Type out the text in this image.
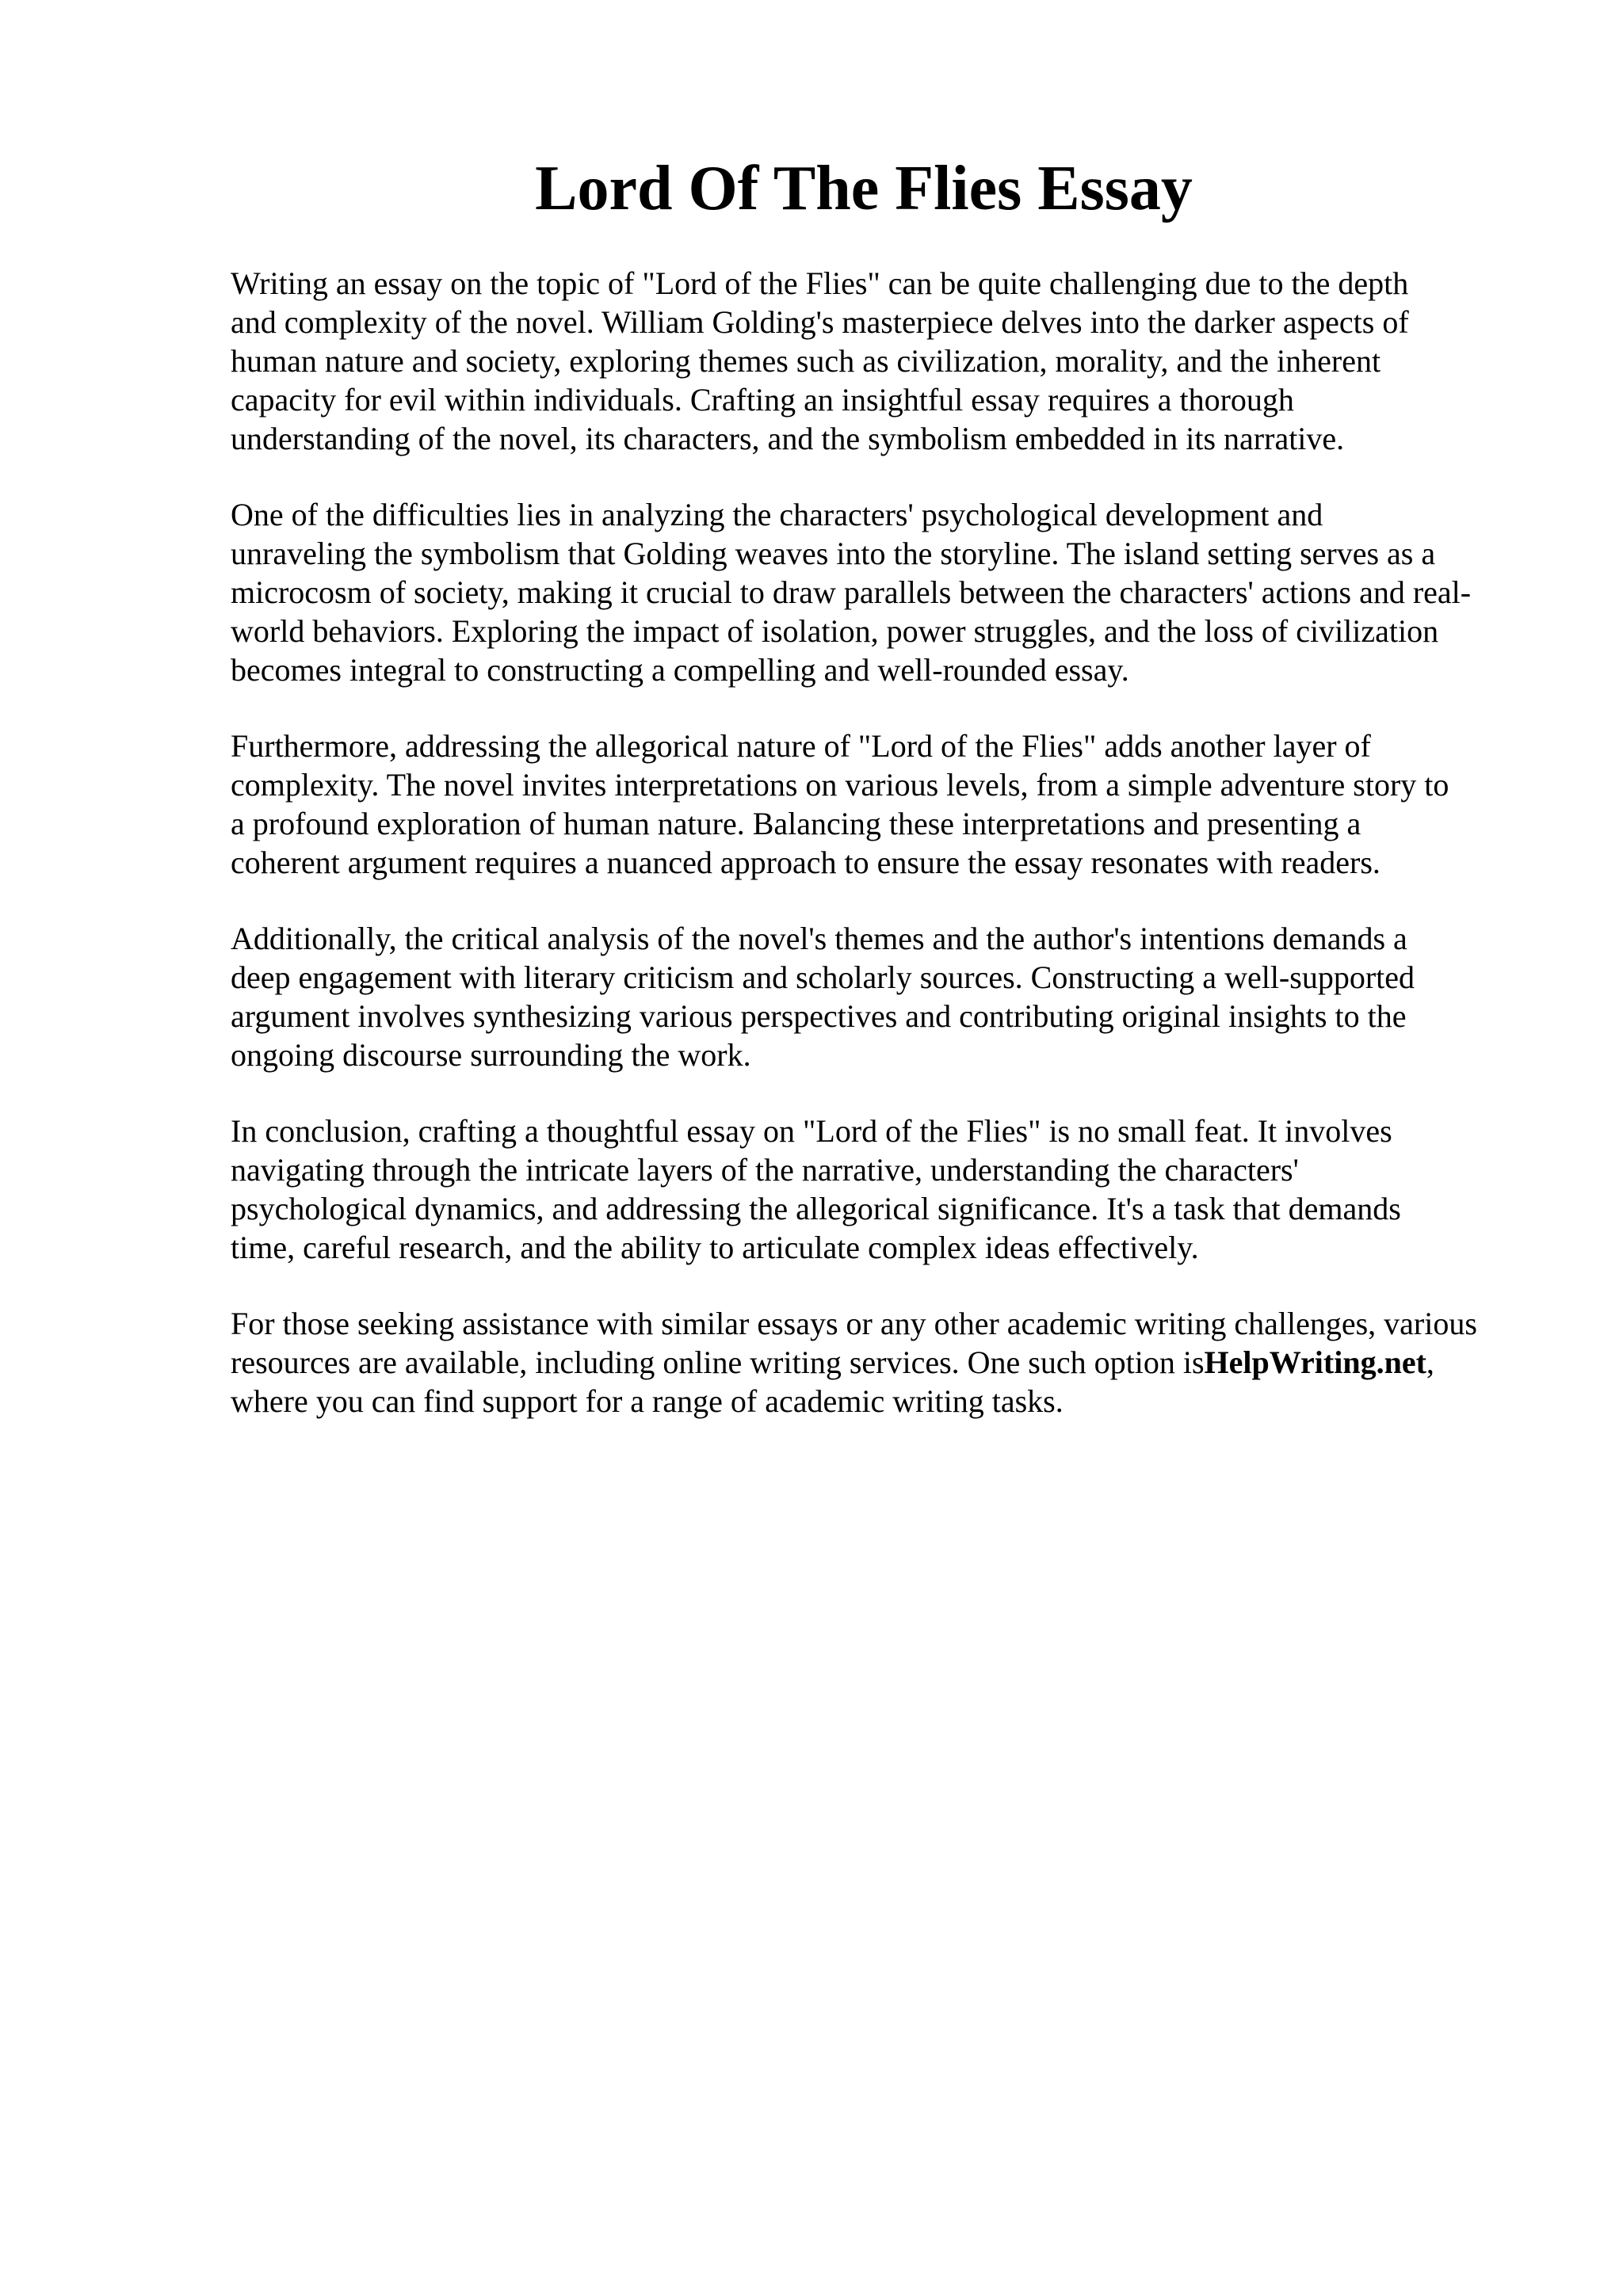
Lord Of The Flies Essay

Writing an essay on the topic of "Lord of the Flies" can be quite challenging due to the depth
and complexity of the novel. William Golding's masterpiece delves into the darker aspects of
human nature and society, exploring themes such as civilization, morality, and the inherent
capacity for evil within individuals. Crafting an insightful essay requires a thorough
understanding of the novel, its characters, and the symbolism embedded in its narrative.

One of the difficulties lies in analyzing the characters' psychological development and
unraveling the symbolism that Golding weaves into the storyline. The island setting serves as a
microcosm of society, making it crucial to draw parallels between the characters' actions and real-
world behaviors. Exploring the impact of isolation, power struggles, and the loss of civilization
becomes integral to constructing a compelling and well-rounded essay.

Furthermore, addressing the allegorical nature of "Lord of the Flies" adds another layer of
complexity. The novel invites interpretations on various levels, from a simple adventure story to
a profound exploration of human nature. Balancing these interpretations and presenting a
coherent argument requires a nuanced approach to ensure the essay resonates with readers.

Additionally, the critical analysis of the novel's themes and the author's intentions demands a
deep engagement with literary criticism and scholarly sources. Constructing a well-supported
argument involves synthesizing various perspectives and contributing original insights to the
ongoing discourse surrounding the work.

In conclusion, crafting a thoughtful essay on "Lord of the Flies" is no small feat. It involves
navigating through the intricate layers of the narrative, understanding the characters'
psychological dynamics, and addressing the allegorical significance. It's a task that demands
time, careful research, and the ability to articulate complex ideas effectively.

For those seeking assistance with similar essays or any other academic writing challenges, various
resources are available, including online writing services. One such option isHelpWriting.net,
where you can find support for a range of academic writing tasks.
